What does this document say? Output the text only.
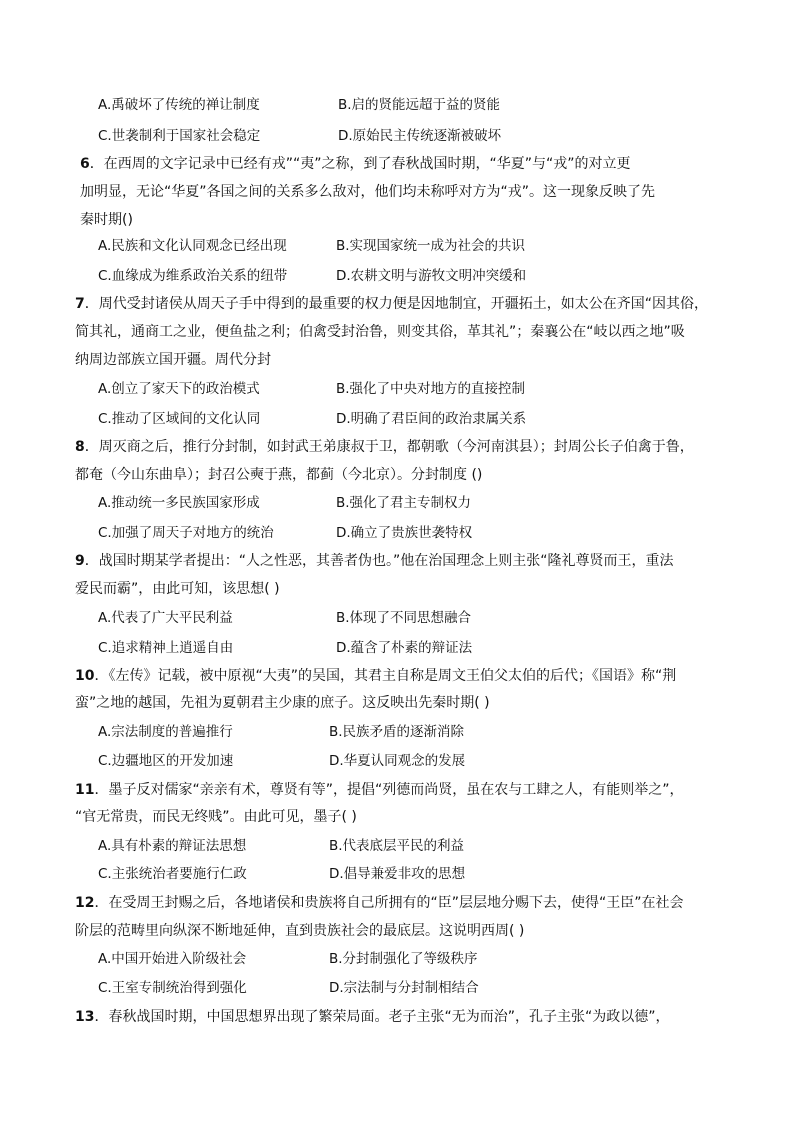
A.禹破坏了传统的禅让制度	B.启的贤能远超于益的贤能
C.世袭制利于国家社会稳定	D.原始民主传统逐渐被破坏
6．在西周的文字记录中已经有戎”“夷”之称，到了春秋战国时期，“华夏”与“戎”的对立更
加明显，无论“华夏”各国之间的关系多么敌对，他们均未称呼对方为“戎”。这一现象反映了先
秦时期()
A.民族和文化认同观念已经出现	B.实现国家统一成为社会的共识
C.血缘成为维系政治关系的纽带	D.农耕文明与游牧文明冲突缓和
7．周代受封诸侯从周天子手中得到的最重要的权力便是因地制宜，开疆拓土，如太公在齐国“因其俗，
简其礼，通商工之业，便鱼盐之利；伯禽受封治鲁，则变其俗，革其礼”；秦襄公在“岐以西之地”吸
纳周边部族立国开疆。周代分封
A.创立了家天下的政治模式	B.强化了中央对地方的直接控制
C.推动了区域间的文化认同	D.明确了君臣间的政治隶属关系
8．周灭商之后，推行分封制，如封武王弟康叔于卫，都朝歌（今河南淇县）；封周公长子伯禽于鲁，
都奄（今山东曲阜）；封召公奭于燕，都蓟（今北京）。分封制度 ()
A.推动统一多民族国家形成	B.强化了君主专制权力
C.加强了周天子对地方的统治	D.确立了贵族世袭特权
9．战国时期某学者提出：“人之性恶，其善者伪也。”他在治国理念上则主张“隆礼尊贤而王，重法
爱民而霸”，由此可知，该思想( )
A.代表了广大平民利益	B.体现了不同思想融合
C.追求精神上逍遥自由	D.蕴含了朴素的辩证法
10．《左传》记载，被中原视“大夷”的吴国，其君主自称是周文王伯父太伯的后代；《国语》称“荆
蛮”之地的越国，先祖为夏朝君主少康的庶子。这反映出先秦时期( )
A.宗法制度的普遍推行	B.民族矛盾的逐渐消除
C.边疆地区的开发加速	D.华夏认同观念的发展
11．墨子反对儒家“亲亲有术，尊贤有等”，提倡“列德而尚贤，虽在农与工肆之人，有能则举之”，
“官无常贵，而民无终贱”。由此可见，墨子( )
A.具有朴素的辩证法思想	B.代表底层平民的利益
C.主张统治者要施行仁政	D.倡导兼爱非攻的思想
12．在受周王封赐之后，各地诸侯和贵族将自己所拥有的“臣”层层地分赐下去，使得“王臣”在社会
阶层的范畴里向纵深不断地延伸，直到贵族社会的最底层。这说明西周( )
A.中国开始进入阶级社会	B.分封制强化了等级秩序
C.王室专制统治得到强化	D.宗法制与分封制相结合
13．春秋战国时期，中国思想界出现了繁荣局面。老子主张“无为而治”，孔子主张“为政以德”，
